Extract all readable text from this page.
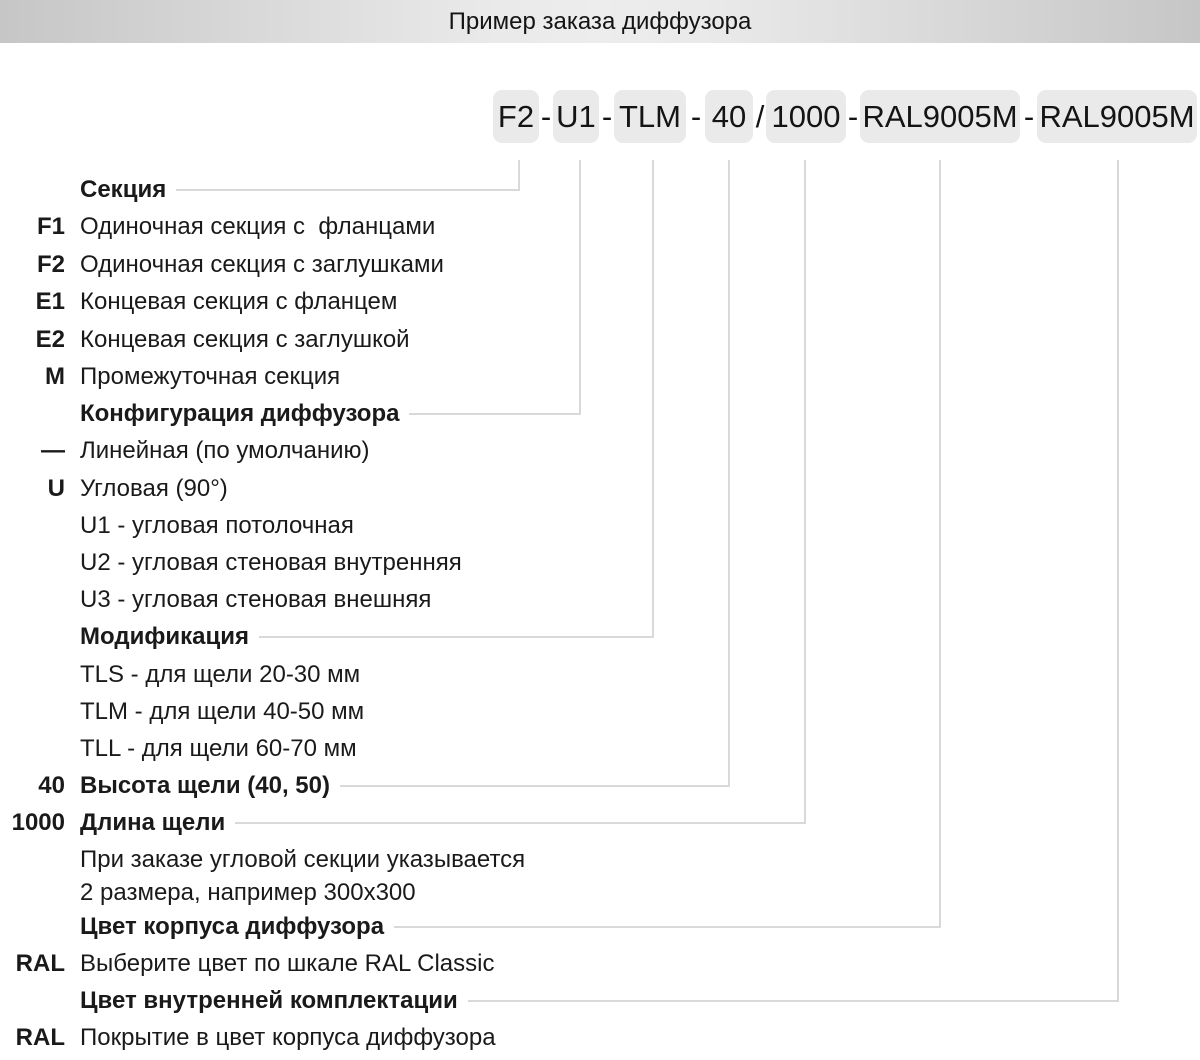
Пример заказа диффузора
F2 U1 TLM 40 1000 RAL9005M RAL9005M
- -	- /	-	-
Секция
F1 Одиночная секция с  фланцами
F2 Одиночная секция с заглушками
E1 Концевая секция с фланцем
E2 Концевая секция с заглушкой
M Промежуточная секция
Конфигурация диффузора
— Линейная (по умолчанию)
U Угловая (90°)
U1 - угловая потолочная
U2 - угловая стеновая внутренняя
U3 - угловая стеновая внешняя
Модификация
TLS - для щели 20-30 мм
TLM - для щели 40-50 мм
TLL - для щели 60-70 мм
40 Высота щели (40, 50)
1000 Длина щели
При заказе угловой секции указывается
2 размера, например 300x300
Цвет корпуса диффузора
RAL Выберите цвет по шкале RAL Classic
Цвет внутренней комплектации
RAL Покрытие в цвет корпуса диффузора
